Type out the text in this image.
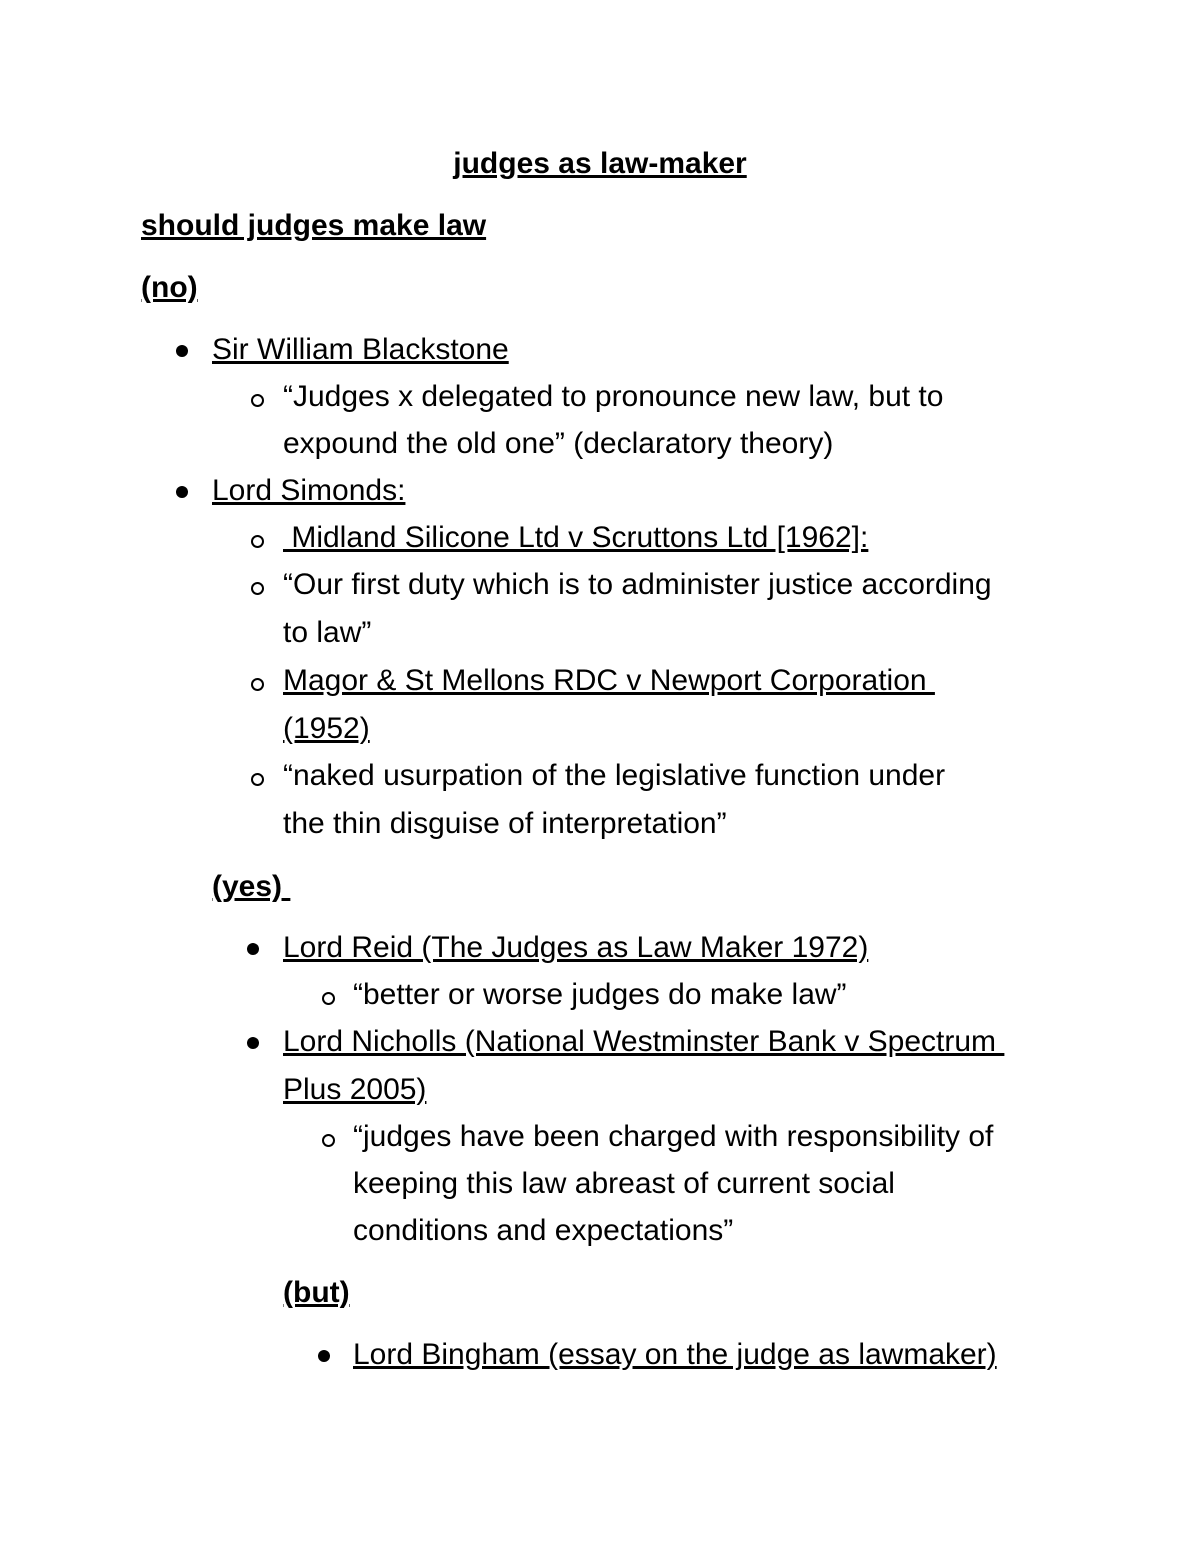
judges as law-maker
should judges make law
(no)
Sir William Blackstone
“Judges x delegated to pronounce new law, but to
expound the old one” (declaratory theory)
Lord Simonds:
Midland Silicone Ltd v Scruttons Ltd [1962]:
“Our first duty which is to administer justice according
to law”
Magor & St Mellons RDC v Newport Corporation
(1952)
“naked usurpation of the legislative function under
the thin disguise of interpretation”
(yes)
Lord Reid (The Judges as Law Maker 1972)
“better or worse judges do make law”
Lord Nicholls (National Westminster Bank v Spectrum
Plus 2005)
“judges have been charged with responsibility of
keeping this law abreast of current social
conditions and expectations”
(but)
Lord Bingham (essay on the judge as lawmaker)
